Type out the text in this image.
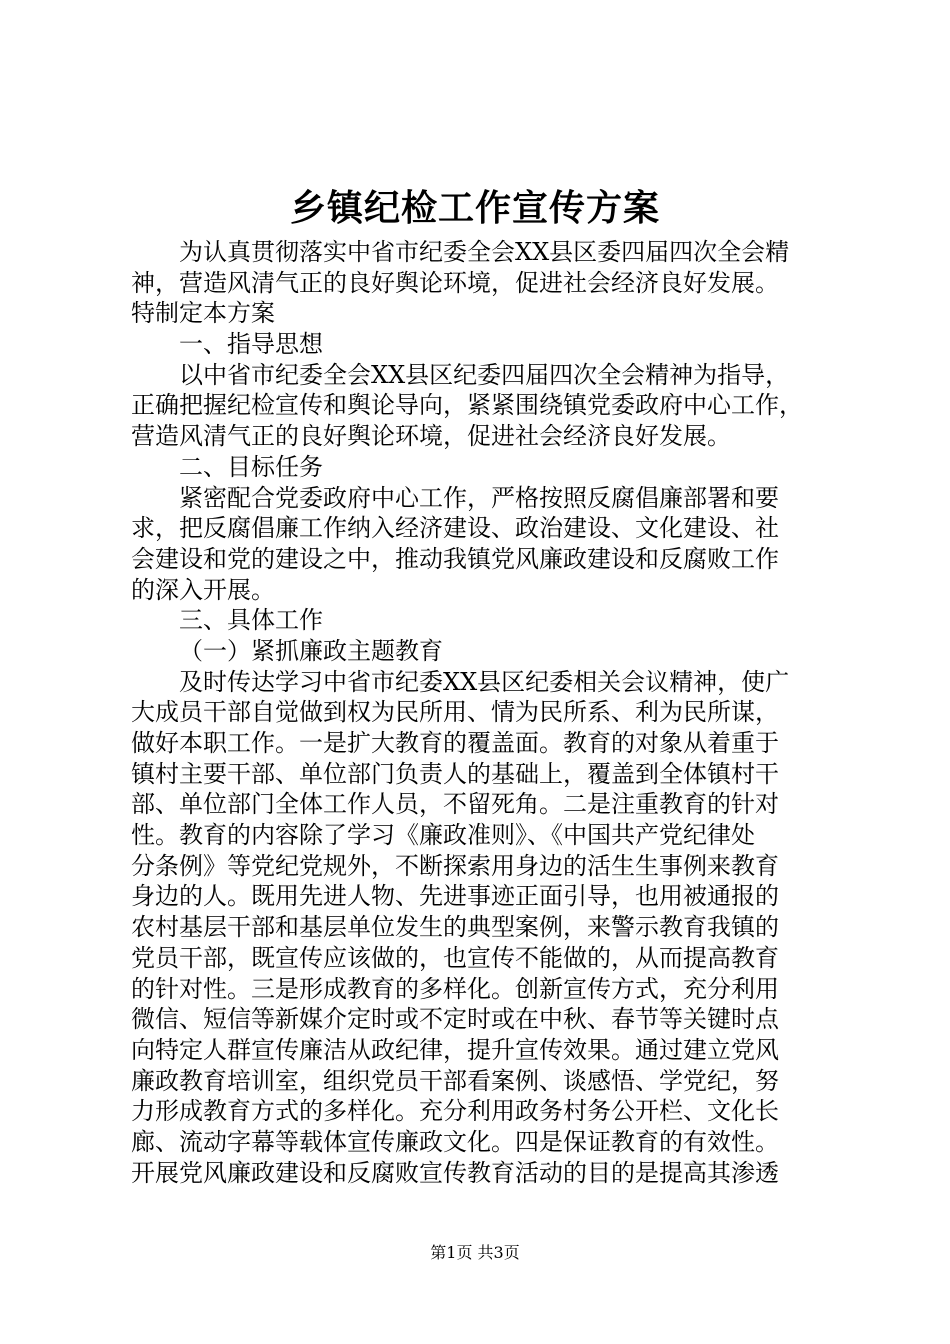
乡镇纪检工作宣传方案
为认真贯彻落实中省市纪委全会XX县区委四届四次全会精
神，营造风清气正的良好舆论环境，促进社会经济良好发展。
特制定本方案
一、指导思想
以中省市纪委全会XX县区纪委四届四次全会精神为指导，
正确把握纪检宣传和舆论导向，紧紧围绕镇党委政府中心工作，
营造风清气正的良好舆论环境，促进社会经济良好发展。
二、目标任务
紧密配合党委政府中心工作，严格按照反腐倡廉部署和要
求，把反腐倡廉工作纳入经济建设、政治建设、文化建设、社
会建设和党的建设之中，推动我镇党风廉政建设和反腐败工作
的深入开展。
三、具体工作
（一）紧抓廉政主题教育
及时传达学习中省市纪委XX县区纪委相关会议精神，使广
大成员干部自觉做到权为民所用、情为民所系、利为民所谋，
做好本职工作。一是扩大教育的覆盖面。教育的对象从着重于
镇村主要干部、单位部门负责人的基础上，覆盖到全体镇村干
部、单位部门全体工作人员，不留死角。二是注重教育的针对
性。教育的内容除了学习《廉政准则》、《中国共产党纪律处
分条例》等党纪党规外，不断探索用身边的活生生事例来教育
身边的人。既用先进人物、先进事迹正面引导，也用被通报的
农村基层干部和基层单位发生的典型案例，来警示教育我镇的
党员干部，既宣传应该做的，也宣传不能做的，从而提高教育
的针对性。三是形成教育的多样化。创新宣传方式，充分利用
微信、短信等新媒介定时或不定时或在中秋、春节等关键时点
向特定人群宣传廉洁从政纪律，提升宣传效果。通过建立党风
廉政教育培训室，组织党员干部看案例、谈感悟、学党纪，努
力形成教育方式的多样化。充分利用政务村务公开栏、文化长
廊、流动字幕等载体宣传廉政文化。四是保证教育的有效性。
开展党风廉政建设和反腐败宣传教育活动的目的是提高其渗透
第1页 共3页
